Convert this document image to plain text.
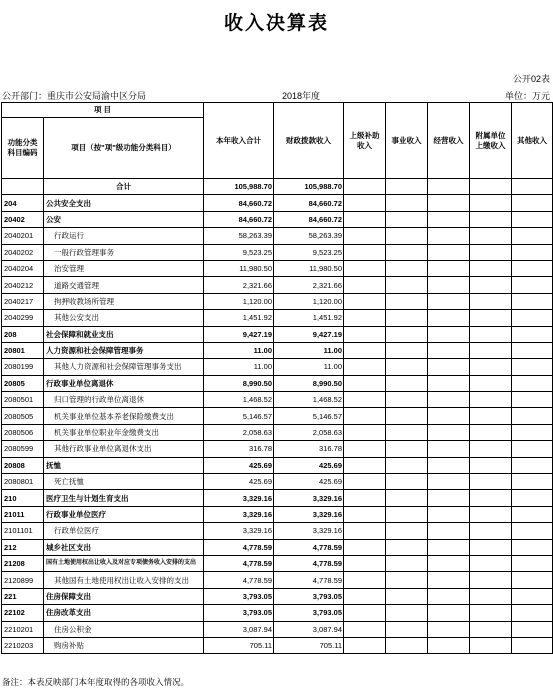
收入决算表
公开02表
公开部门：重庆市公安局渝中区分局	2018年度	单位：万元
项 目		本年收入合计	财政拨款收入	上级补助收入	事业收入	经营收入	附属单位上缴收入	其他收入
功能分类科目编码	项目（按"项"级功能分类科目）							
	合计	105,988.70	105,988.70					
204	公共安全支出	84,660.72	84,660.72					
20402	公安	84,660.72	84,660.72					
2040201	行政运行	58,263.39	58,263.39					
2040202	一般行政管理事务	9,523.25	9,523.25					
2040204	治安管理	11,980.50	11,980.50					
2040212	道路交通管理	2,321.66	2,321.66					
2040217	拘押收教场所管理	1,120.00	1,120.00					
2040299	其他公安支出	1,451.92	1,451.92					
208	社会保障和就业支出	9,427.19	9,427.19					
20801	人力资源和社会保障管理事务	11.00	11.00					
2080199	其他人力资源和社会保障管理事务支出	11.00	11.00					
20805	行政事业单位离退休	8,990.50	8,990.50					
2080501	归口管理的行政单位离退休	1,468.52	1,468.52					
2080505	机关事业单位基本养老保险缴费支出	5,146.57	5,146.57					
2080506	机关事业单位职业年金缴费支出	2,058.63	2,058.63					
2080599	其他行政事业单位离退休支出	316.78	316.78					
20808	抚恤	425.69	425.69					
2080801	死亡抚恤	425.69	425.69					
210	医疗卫生与计划生育支出	3,329.16	3,329.16					
21011	行政事业单位医疗	3,329.16	3,329.16					
2101101	行政单位医疗	3,329.16	3,329.16					
212	城乡社区支出	4,778.59	4,778.59					
21208	国有土地使用权出让收入及对应专项债务收入安排的支出	4,778.59	4,778.59					
2120899	其他国有土地使用权出让收入安排的支出	4,778.59	4,778.59					
221	住房保障支出	3,793.05	3,793.05					
22102	住房改革支出	3,793.05	3,793.05					
2210201	住房公积金	3,087.94	3,087.94					
2210203	购房补贴	705.11	705.11					
备注：本表反映部门本年度取得的各项收入情况。
